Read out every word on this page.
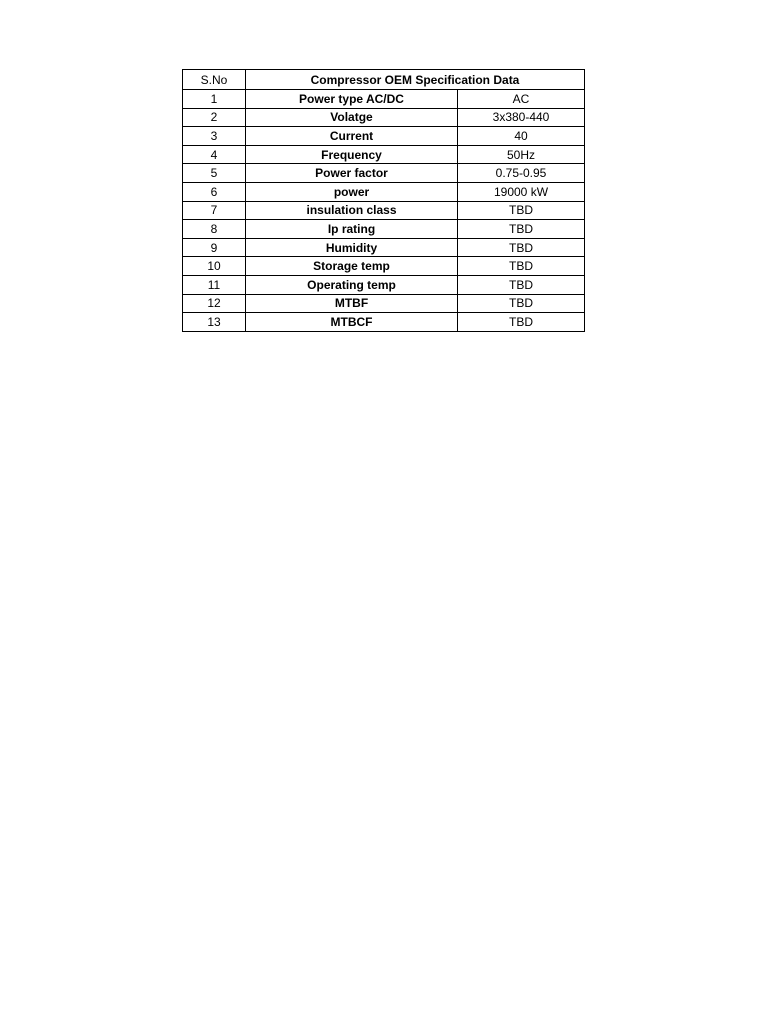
S.No	Compressor OEM Specification Data	
1	Power type AC/DC	AC
2	Volatge	3x380-440
3	Current	40
4	Frequency	50Hz
5	Power factor	0.75-0.95
6	power	19000 kW
7	insulation class	TBD
8	Ip rating	TBD
9	Humidity	TBD
10	Storage temp	TBD
11	Operating temp	TBD
12	MTBF	TBD
13	MTBCF	TBD
